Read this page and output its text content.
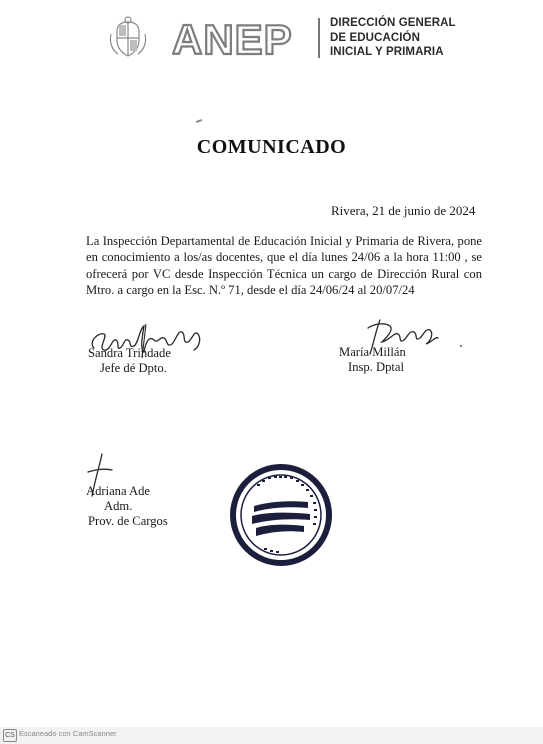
ANEP	DIRECCIÓN GENERAL
DE EDUCACIÓN
INICIAL Y PRIMARIA
COMUNICADO
Rivera, 21 de junio de 2024
La Inspección Departamental de Educación Inicial y Primaria de Rivera, pone en conocimiento a los/as docentes, que el día lunes 24/06 a la hora 11:00 , se ofrecerá por VC desde Inspección Técnica un cargo de Dirección Rural con Mtro. a cargo en la Esc. N.º 71, desde el día 24/06/24 al 20/07/24
Sandra Trindade
Jefe dé Dpto.
María Millán
Insp. Dptal
Adriana Ade
Adm.
Prov. de Cargos
CS Escaneado con CamScanner
